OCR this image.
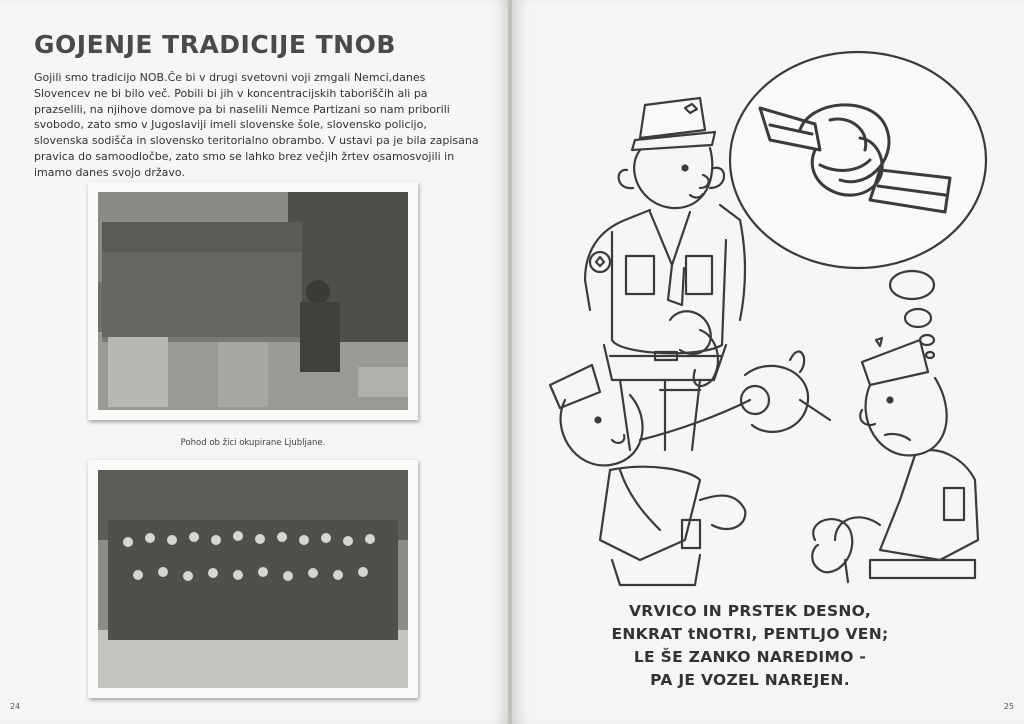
GOJENJE TRADICIJE TNOB

Gojili smo tradicijo NOB.Če bi v drugi svetovni voji zmgali Nemci,danes Slovencev ne bi bilo več. Pobili bi jih v koncentracijskih taboriščih ali pa prazselili, na njihove domove pa bi naselili Nemce Partizani so nam priborili svobodo, zato smo v Jugoslaviji imeli slovenske šole, slovensko policijo, slovenska sodišča in slovensko teritorialno obrambo. V ustavi pa je bila zapisana pravica do samoodločbe, zato smo se lahko brez večjih žrtev osamosvojili in imamo danes svojo državo.

Pohod ob žici okupirane Ljubljane.
24	25
VRVICO IN PRSTEK DESNO,
ENKRAT tNOTRI, PENTLJO VEN;
LE ŠE ZANKO NAREDIMO -
PA JE VOZEL NAREJEN.
